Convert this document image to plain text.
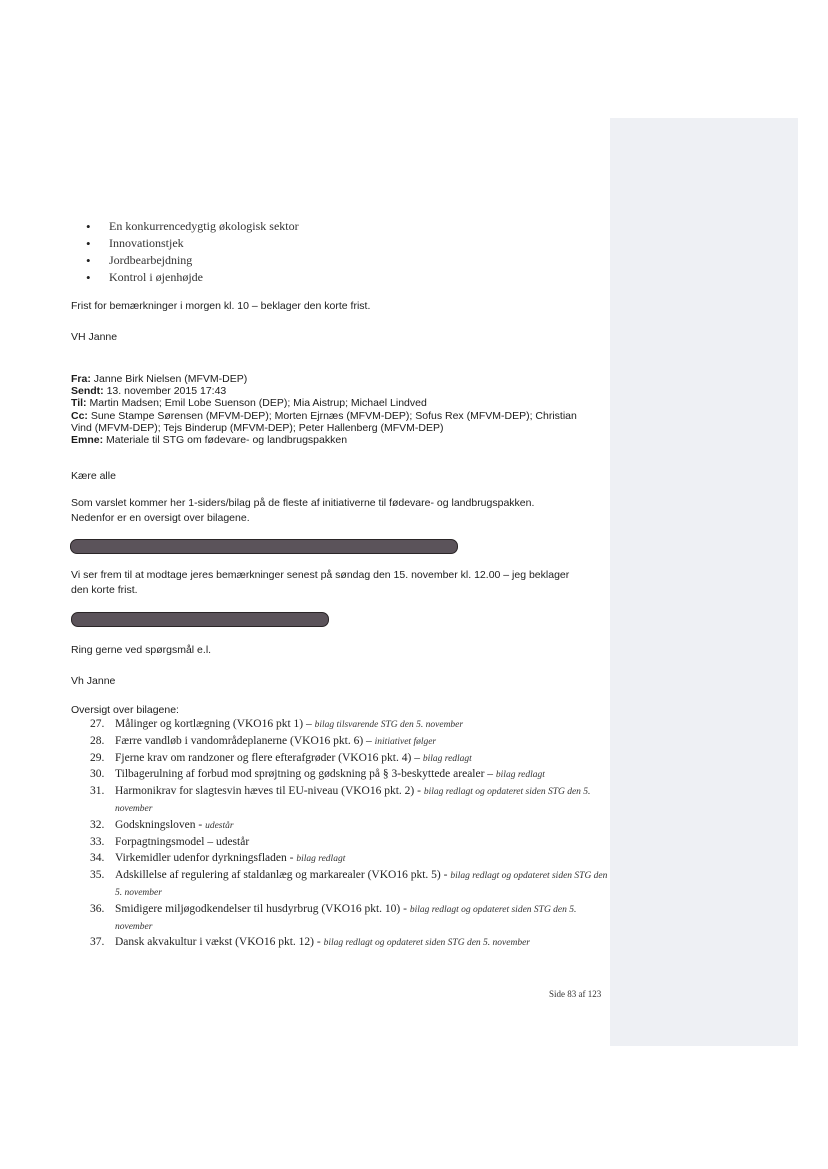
• En konkurrencedygtig økologisk sektor
• Innovationstjek
• Jordbearbejdning
• Kontrol i øjenhøjde
Frist for bemærkninger i morgen kl. 10 – beklager den korte frist.
VH Janne
Fra: Janne Birk Nielsen (MFVM-DEP)
Sendt: 13. november 2015 17:43
Til: Martin Madsen; Emil Lobe Suenson (DEP); Mia Aistrup; Michael Lindved
Cc: Sune Stampe Sørensen (MFVM-DEP); Morten Ejrnæs (MFVM-DEP); Sofus Rex (MFVM-DEP); Christian Vind (MFVM-DEP); Tejs Binderup (MFVM-DEP); Peter Hallenberg (MFVM-DEP)
Emne: Materiale til STG om fødevare- og landbrugspakken
Kære alle
Som varslet kommer her 1-siders/bilag på de fleste af initiativerne til fødevare- og landbrugspakken.
Nedenfor er en oversigt over bilagene.
Vi ser frem til at modtage jeres bemærkninger senest på søndag den 15. november kl. 12.00 – jeg beklager
den korte frist.
Ring gerne ved spørgsmål e.l.
Vh Janne
Oversigt over bilagene:
27. Målinger og kortlægning (VKO16 pkt 1) – bilag tilsvarende STG den 5. november
28. Færre vandløb i vandområdeplanerne (VKO16 pkt. 6) – initiativet følger
29. Fjerne krav om randzoner og flere efterafgrøder (VKO16 pkt. 4) – bilag redlagt
30. Tilbagerulning af forbud mod sprøjtning og gødskning på § 3-beskyttede arealer – bilag redlagt
31. Harmonikrav for slagtesvin hæves til EU-niveau (VKO16 pkt. 2) - bilag redlagt og opdateret siden STG den 5. november
32. Godskningsloven - udestår
33. Forpagtningsmodel – udestår
34. Virkemidler udenfor dyrkningsfladen - bilag redlagt
35. Adskillelse af regulering af staldanlæg og markarealer (VKO16 pkt. 5) - bilag redlagt og opdateret siden STG den 5. november
36. Smidigere miljøgodkendelser til husdyrbrug (VKO16 pkt. 10) - bilag redlagt og opdateret siden STG den 5. november
37. Dansk akvakultur i vækst (VKO16 pkt. 12) - bilag redlagt og opdateret siden STG den 5. november
Side 83 af 123
